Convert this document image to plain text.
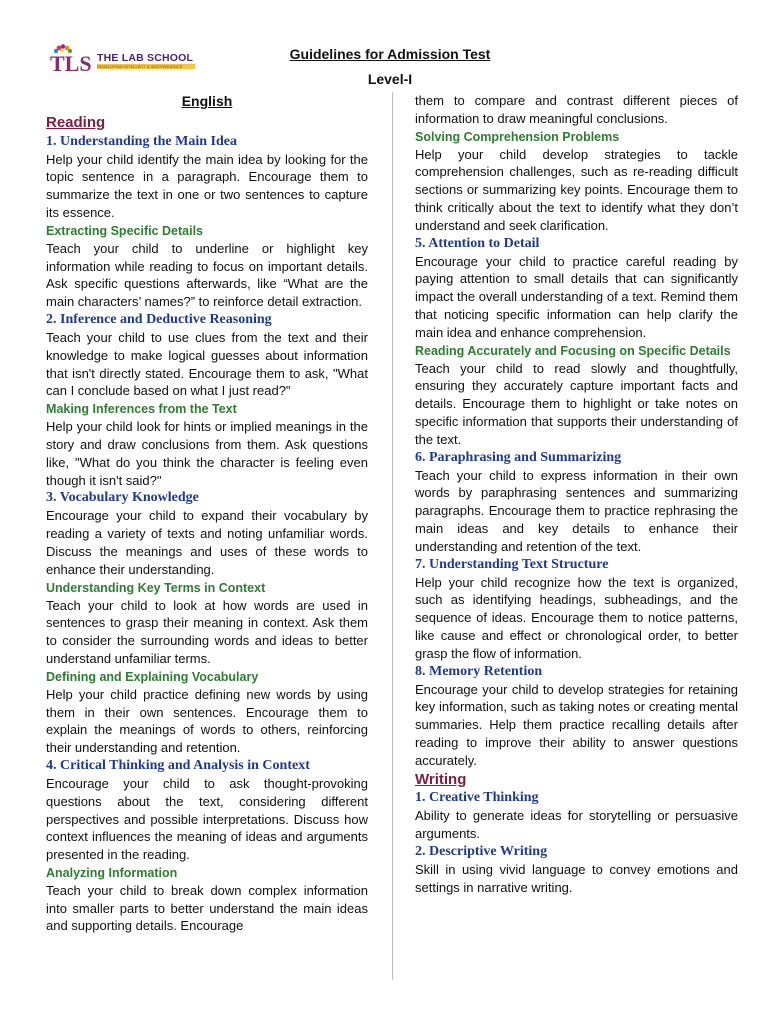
TLS THE LAB SCHOOL
DEVELOPING INTELLECT & INDEPENDENCE
Guidelines for Admission Test
Level-I
English
Reading
1. Understanding the Main Idea

Help your child identify the main idea by looking for the topic sentence in a paragraph. Encourage them to summarize the text in one or two sentences to capture its essence.

Extracting Specific Details

Teach your child to underline or highlight key information while reading to focus on important details. Ask specific questions afterwards, like “What are the main characters’ names?” to reinforce detail extraction.

2. Inference and Deductive Reasoning

Teach your child to use clues from the text and their knowledge to make logical guesses about information that isn't directly stated. Encourage them to ask, "What can I conclude based on what I just read?"

Making Inferences from the Text

Help your child look for hints or implied meanings in the story and draw conclusions from them. Ask questions like, "What do you think the character is feeling even though it isn't said?"

3. Vocabulary Knowledge

Encourage your child to expand their vocabulary by reading a variety of texts and noting unfamiliar words. Discuss the meanings and uses of these words to enhance their understanding.

Understanding Key Terms in Context

Teach your child to look at how words are used in sentences to grasp their meaning in context. Ask them to consider the surrounding words and ideas to better understand unfamiliar terms.

Defining and Explaining Vocabulary

Help your child practice defining new words by using them in their own sentences. Encourage them to explain the meanings of words to others, reinforcing their understanding and retention.

4. Critical Thinking and Analysis in Context

Encourage your child to ask thought-provoking questions about the text, considering different perspectives and possible interpretations. Discuss how context influences the meaning of ideas and arguments presented in the reading.

Analyzing Information

Teach your child to break down complex information into smaller parts to better understand the main ideas and supporting details. Encourage

them to compare and contrast different pieces of information to draw meaningful conclusions.

Solving Comprehension Problems

Help your child develop strategies to tackle comprehension challenges, such as re-reading difficult sections or summarizing key points. Encourage them to think critically about the text to identify what they don’t understand and seek clarification.

5. Attention to Detail

Encourage your child to practice careful reading by paying attention to small details that can significantly impact the overall understanding of a text. Remind them that noticing specific information can help clarify the main idea and enhance comprehension.

Reading Accurately and Focusing on Specific Details

Teach your child to read slowly and thoughtfully, ensuring they accurately capture important facts and details. Encourage them to highlight or take notes on specific information that supports their understanding of the text.

6. Paraphrasing and Summarizing

Teach your child to express information in their own words by paraphrasing sentences and summarizing paragraphs. Encourage them to practice rephrasing the main ideas and key details to enhance their understanding and retention of the text.

7. Understanding Text Structure

Help your child recognize how the text is organized, such as identifying headings, subheadings, and the sequence of ideas. Encourage them to notice patterns, like cause and effect or chronological order, to better grasp the flow of information.

8. Memory Retention

Encourage your child to develop strategies for retaining key information, such as taking notes or creating mental summaries. Help them practice recalling details after reading to improve their ability to answer questions accurately.

Writing
1. Creative Thinking

Ability to generate ideas for storytelling or persuasive arguments.

2. Descriptive Writing

Skill in using vivid language to convey emotions and settings in narrative writing.
